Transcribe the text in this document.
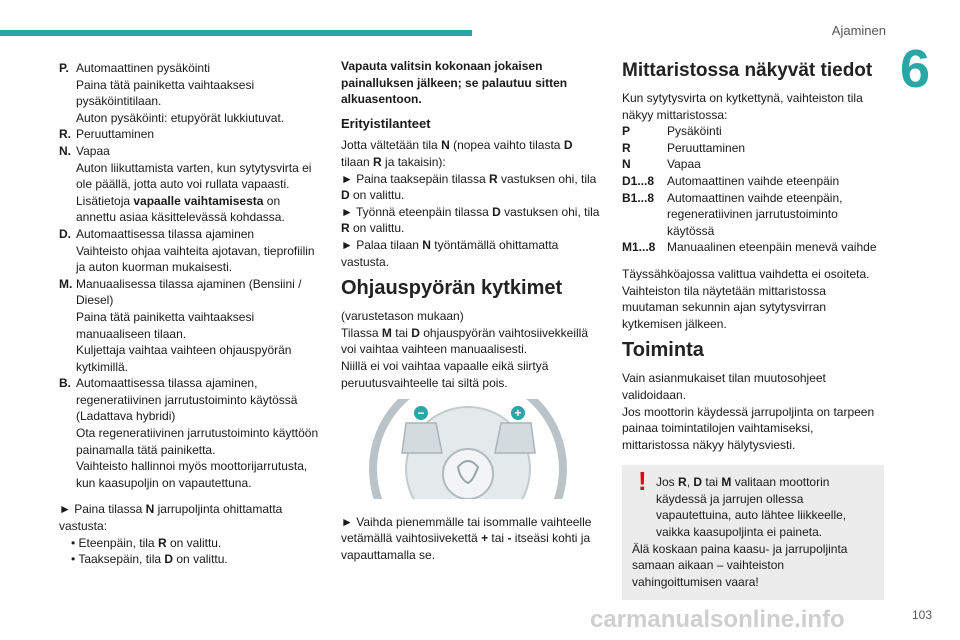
Ajaminen
6
P. Automaattinen pysäköinti

Paina tätä painiketta vaihtaaksesi pysäköintitilaan.

Auton pysäköinti: etupyörät lukkiutuvat.

R. Peruuttaminen

N. Vapaa

Auton liikuttamista varten, kun sytytysvirta ei ole päällä, jotta auto voi rullata vapaasti.

Lisätietoja vapaalle vaihtamisesta on annettu asiaa käsittelevässä kohdassa.

D. Automaattisessa tilassa ajaminen

Vaihteisto ohjaa vaihteita ajotavan, tieprofiilin ja auton kuorman mukaisesti.

M. Manuaalisessa tilassa ajaminen (Bensiini / Diesel)

Paina tätä painiketta vaihtaaksesi manuaaliseen tilaan.

Kuljettaja vaihtaa vaihteen ohjauspyörän kytkimillä.

B. Automaattisessa tilassa ajaminen, regeneratiivinen jarrutustoiminto käytössä

(Ladattava hybridi)

Ota regeneratiivinen jarrutustoiminto käyttöön painamalla tätä painiketta.

Vaihteisto hallinnoi myös moottorijarrutusta, kun kaasupoljin on vapautettuna.

► Paina tilassa N jarrupoljinta ohittamatta vastusta:

• Eteenpäin, tila R on valittu.

• Taaksepäin, tila D on valittu.

Vapauta valitsin kokonaan jokaisen painalluksen jälkeen; se palautuu sitten alkuasentoon.

Erityistilanteet

Jotta vältetään tila N (nopea vaihto tilasta D tilaan R ja takaisin):

► Paina taaksepäin tilassa R vastuksen ohi, tila D on valittu.

► Työnnä eteenpäin tilassa D vastuksen ohi, tila R on valittu.

► Palaa tilaan N työntämällä ohittamatta vastusta.

Ohjauspyörän kytkimet

(varustetason mukaan)

Tilassa M tai D ohjauspyörän vaihtosiivekkeillä voi vaihtaa vaihteen manuaalisesti.

Niillä ei voi vaihtaa vapaalle eikä siirtyä peruutusvaihteelle tai siltä pois.

−	+

► Vaihda pienemmälle tai isommalle vaihteelle vetämällä vaihtosiivekettä + tai - itseäsi kohti ja vapauttamalla se.

Mittaristossa näkyvät tiedot

Kun sytytysvirta on kytkettynä, vaihteiston tila näkyy mittaristossa:

P	Pysäköinti
R	Peruuttaminen
N	Vapaa
D1...8	Automaattinen vaihde eteenpäin
B1...8	Automaattinen vaihde eteenpäin, regeneratiivinen jarrutustoiminto käytössä
M1...8 Manuaalinen eteenpäin menevä vaihde

Täyssähköajossa valittua vaihdetta ei osoiteta. Vaihteiston tila näytetään mittaristossa muutaman sekunnin ajan sytytysvirran kytkemisen jälkeen.

Toiminta

Vain asianmukaiset tilan muutosohjeet validoidaan.

Jos moottorin käydessä jarrupoljinta on tarpeen painaa toimintatilojen vaihtamiseksi, mittaristossa näkyy hälytysviesti.

! Jos R, D tai M valitaan moottorin käydessä ja jarrujen ollessa vapautettuina, auto lähtee liikkeelle, vaikka kaasupoljinta ei paineta.

Älä koskaan paina kaasu- ja jarrupoljinta samaan aikaan – vaihteiston vahingoittumisen vaara!

carmanualsonline.info	103
